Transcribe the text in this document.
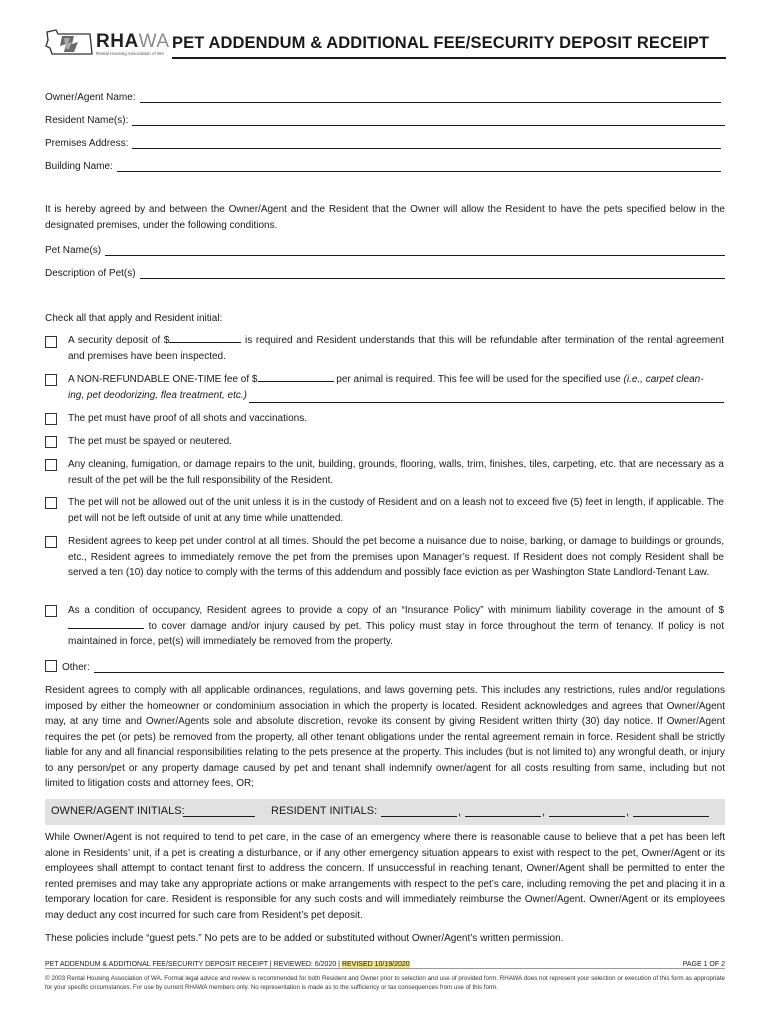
RHAWA
Rental Housing Association of WA
PET ADDENDUM & ADDITIONAL FEE/SECURITY DEPOSIT RECEIPT
Owner/Agent Name:
Resident Name(s):
Premises Address:
Building Name:
It is hereby agreed by and between the Owner/Agent and the Resident that the Owner will allow the Resident to have the pets specified below in the designated premises, under the following conditions.
Pet Name(s)
Description of Pet(s)
Check all that apply and Resident initial:
A security deposit of $	is required and Resident understands that this will be refundable after termination of the rental agreement and premises have been inspected.
A NON-REFUNDABLE ONE-TIME fee of $	per animal is required. This fee will be used for the specified use (i.e., carpet clean-
ing, pet deodorizing, flea treatment, etc.)
The pet must have proof of all shots and vaccinations.
The pet must be spayed or neutered.
Any cleaning, fumigation, or damage repairs to the unit, building, grounds, flooring, walls, trim, finishes, tiles, carpeting, etc. that are necessary as a result of the pet will be the full responsibility of the Resident.
The pet will not be allowed out of the unit unless it is in the custody of Resident and on a leash not to exceed five (5) feet in length, if applicable. The pet will not be left outside of unit at any time while unattended.
Resident agrees to keep pet under control at all times. Should the pet become a nuisance due to noise, barking, or damage to buildings or grounds, etc., Resident agrees to immediately remove the pet from the premises upon Manager’s request. If Resident does not comply Resident shall be served a ten (10) day notice to comply with the terms of this addendum and possibly face eviction as per Washington State Landlord-Tenant Law.
As a condition of occupancy, Resident agrees to provide a copy of an “Insurance Policy” with minimum liability coverage in the amount of $ to cover damage and/or injury caused by pet. This policy must stay in force throughout the term of tenancy. If policy is not maintained in force, pet(s) will immediately be removed from the property.
Other:
Resident agrees to comply with all applicable ordinances, regulations, and laws governing pets. This includes any restrictions, rules and/or regulations imposed by either the homeowner or condominium association in which the property is located. Resident acknowledges and agrees that Owner/Agent may, at any time and Owner/Agents sole and absolute discretion, revoke its consent by giving Resident written thirty (30) day notice. If Owner/Agent requires the pet (or pets) be removed from the property, all other tenant obligations under the rental agreement remain in force. Resident shall be strictly liable for any and all financial responsibilities relating to the pets presence at the property. This includes (but is not limited to) any wrongful death, or injury to any person/pet or any property damage caused by pet and tenant shall indemnify owner/agent for all costs resulting from same, including but not limited to litigation costs and attorney fees, OR;
OWNER/AGENT INITIALS:	RESIDENT INITIALS:	,	,	,
While Owner/Agent is not required to tend to pet care, in the case of an emergency where there is reasonable cause to believe that a pet has been left alone in Residents’ unit, if a pet is creating a disturbance, or if any other emergency situation appears to exist with respect to the pet, Owner/Agent or its employees shall attempt to contact tenant first to address the concern. If unsuccessful in reaching tenant, Owner/Agent shall be permitted to enter the rented premises and may take any appropriate actions or make arrangements with respect to the pet’s care, including removing the pet and placing it in a temporary location for care. Resident is responsible for any such costs and will immediately reimburse the Owner/Agent. Owner/Agent or its employees may deduct any cost incurred for such care from Resident’s pet deposit.
These policies include “guest pets.” No pets are to be added or substituted without Owner/Agent’s written permission.
PET ADDENDUM & ADDITIONAL FEE/SECURITY DEPOSIT RECEIPT | REVIEWED: 6/2020 | REVISED 10/19/2020	PAGE 1 OF 2
© 2003 Rental Housing Association of WA. Formal legal advice and review is recommended for both Resident and Owner prior to selection and use of provided form. RHAWA does not represent your selection or execution of this form as appropriate for your specific circumstances. For use by current RHAWA members only. No representation is made as to the sufficiency or tax consequences from use of this form.
